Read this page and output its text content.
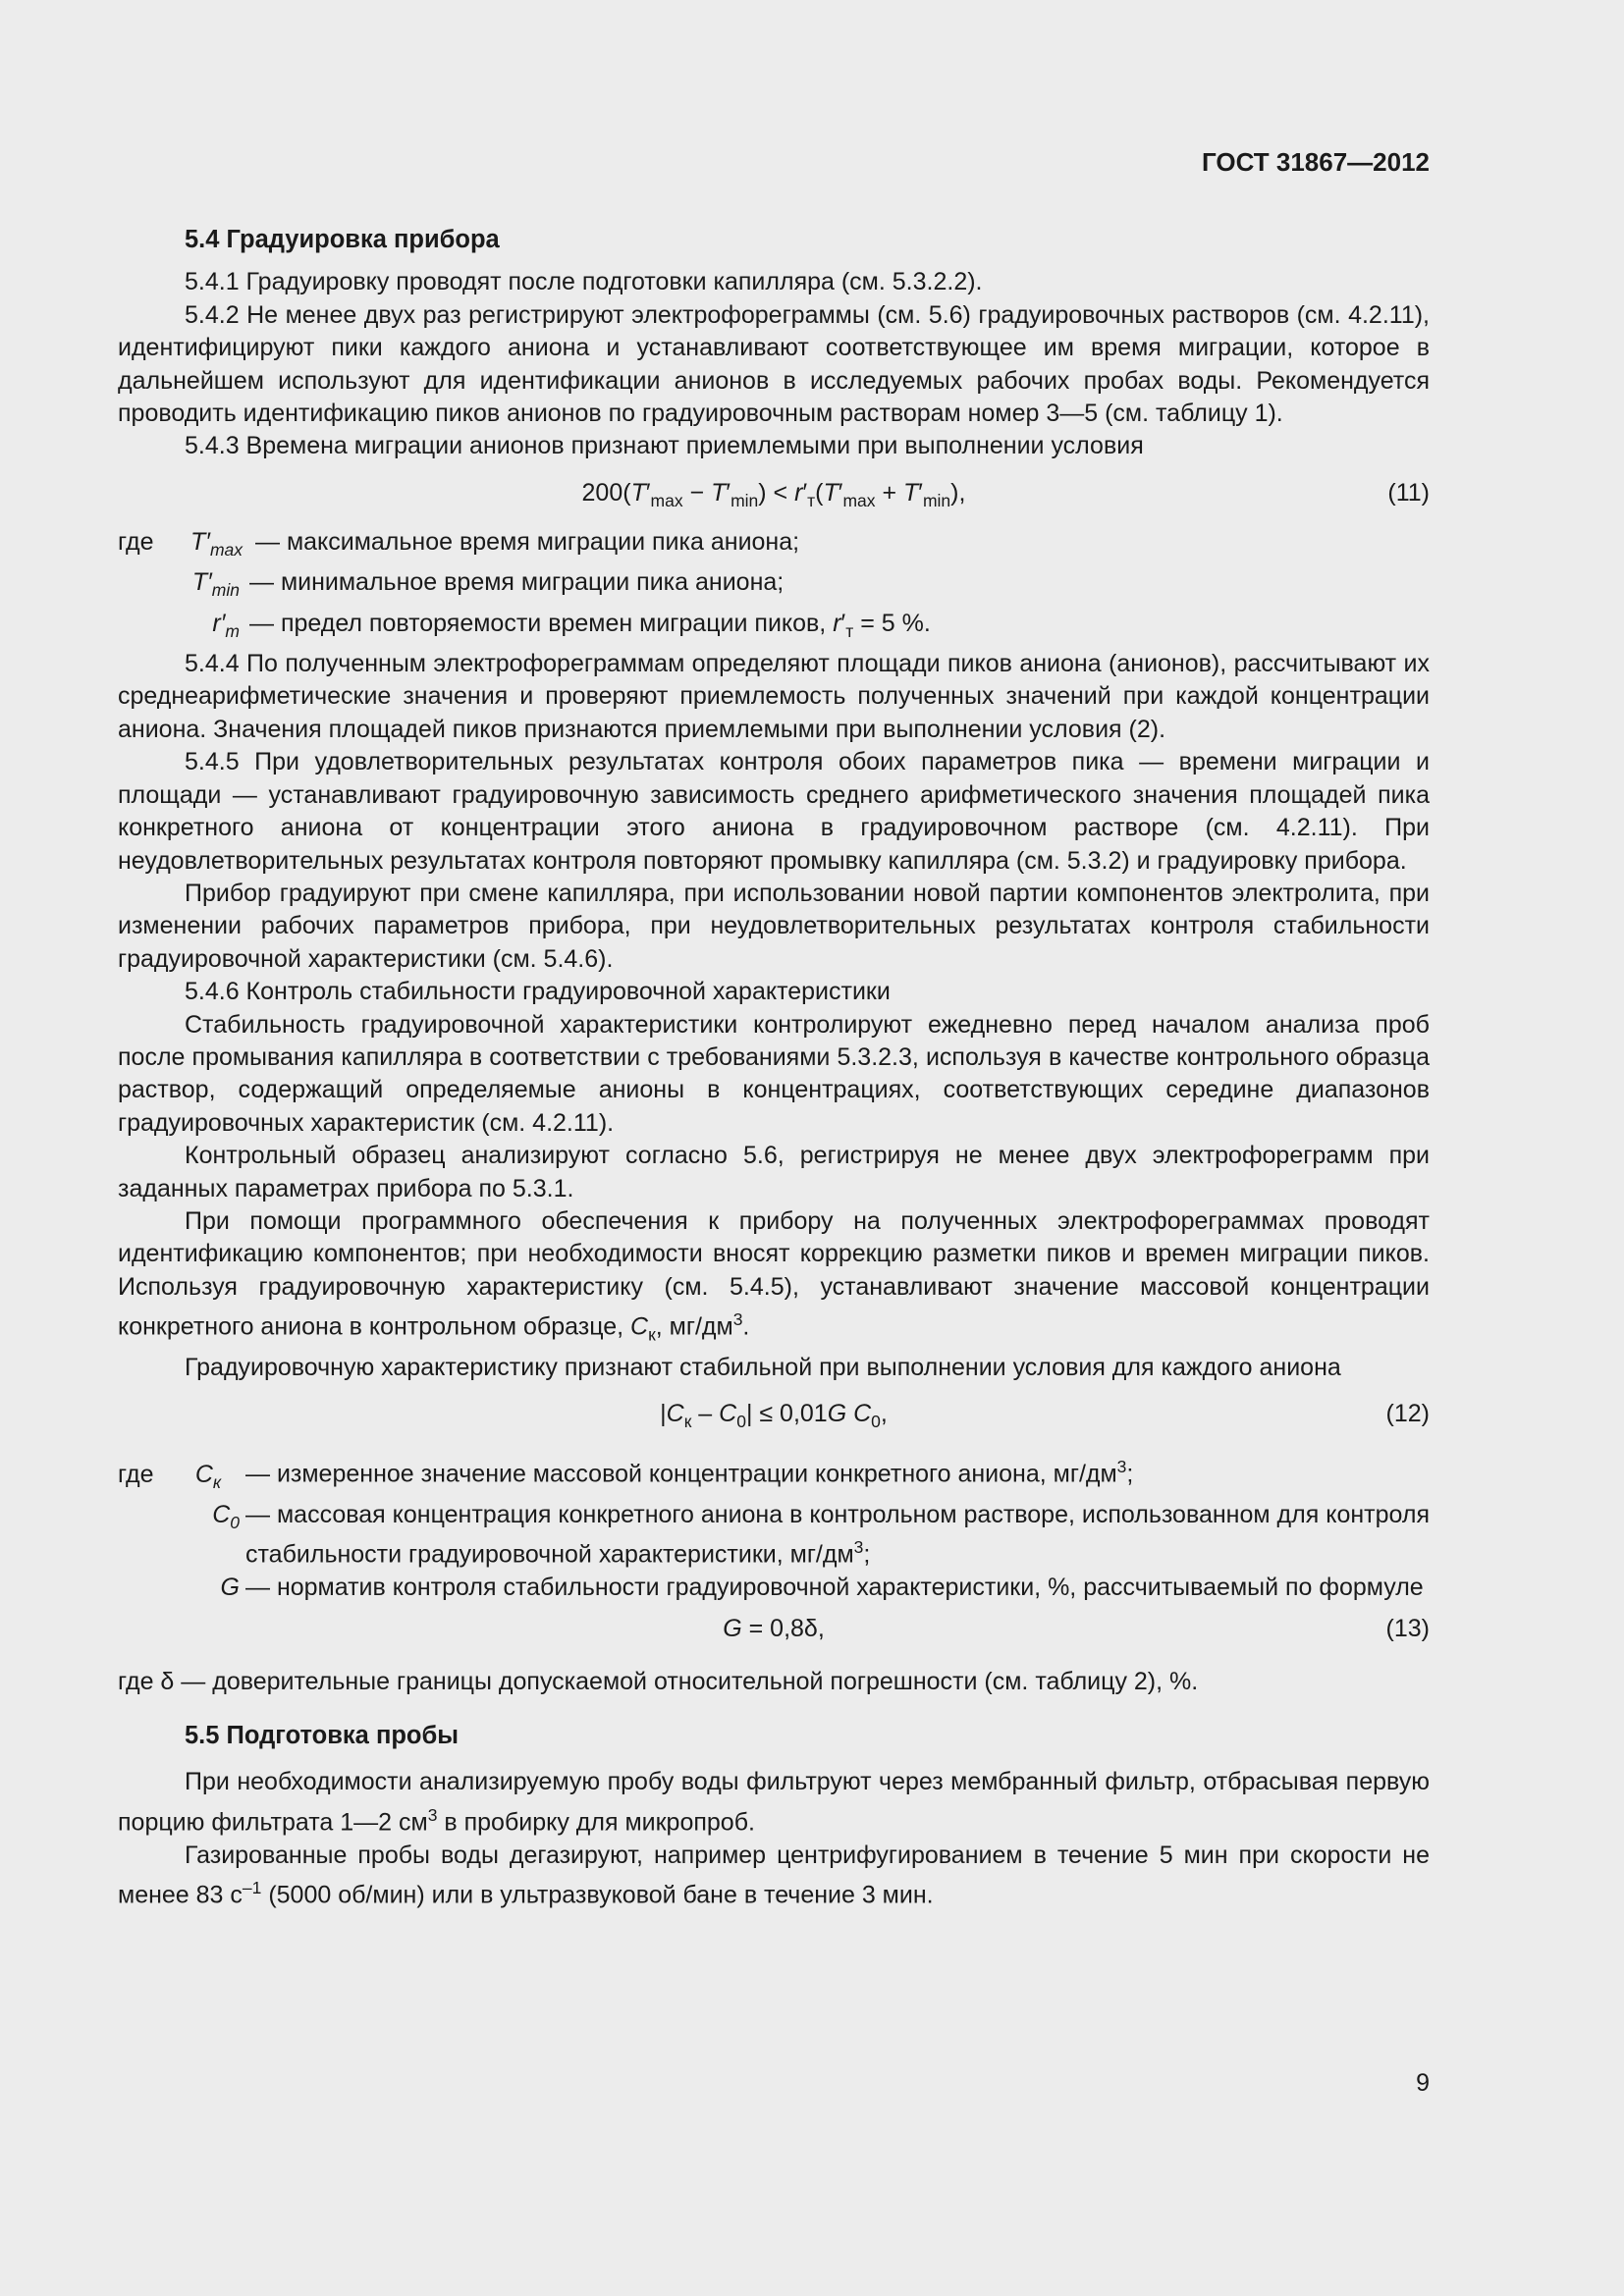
ГОСТ 31867—2012
5.4 Градуировка прибора

5.4.1 Градуировку проводят после подготовки капилляра (см. 5.3.2.2).

5.4.2 Не менее двух раз регистрируют электрофореграммы (см. 5.6) градуировочных растворов (см. 4.2.11), идентифицируют пики каждого аниона и устанавливают соответствующее им время миграции, которое в дальнейшем используют для идентификации анионов в исследуемых рабочих пробах воды. Рекомендуется проводить идентификацию пиков анионов по градуировочным растворам номер 3—5 (см. таблицу 1).

5.4.3 Времена миграции анионов признают приемлемыми при выполнении условия

$200(T'_{max} - T'_{min}) < r'_т(T'_{max} + T'_{min})$,	(11)
где	$T'_{max}$ — максимальное время миграции пика аниона;
$T'_{min}$ — минимальное время миграции пика аниона;
$r'_т$ — предел повторяемости времен миграции пиков, $r'_т = 5$ %.

5.4.4 По полученным электрофореграммам определяют площади пиков аниона (анионов), рассчитывают их среднеарифметические значения и проверяют приемлемость полученных значений при каждой концентрации аниона. Значения площадей пиков признаются приемлемыми при выполнении условия (2).

5.4.5 При удовлетворительных результатах контроля обоих параметров пика — времени миграции и площади — устанавливают градуировочную зависимость среднего арифметического значения площадей пика конкретного аниона от концентрации этого аниона в градуировочном растворе (см. 4.2.11). При неудовлетворительных результатах контроля повторяют промывку капилляра (см. 5.3.2) и градуировку прибора.

Прибор градуируют при смене капилляра, при использовании новой партии компонентов электролита, при изменении рабочих параметров прибора, при неудовлетворительных результатах контроля стабильности градуировочной характеристики (см. 5.4.6).

5.4.6 Контроль стабильности градуировочной характеристики

Стабильность градуировочной характеристики контролируют ежедневно перед началом анализа проб после промывания капилляра в соответствии с требованиями 5.3.2.3, используя в качестве контрольного образца раствор, содержащий определяемые анионы в концентрациях, соответствующих середине диапазонов градуировочных характеристик (см. 4.2.11).

Контрольный образец анализируют согласно 5.6, регистрируя не менее двух электрофореграмм при заданных параметрах прибора по 5.3.1.

При помощи программного обеспечения к прибору на полученных электрофореграммах проводят идентификацию компонентов; при необходимости вносят коррекцию разметки пиков и времен миграции пиков. Используя градуировочную характеристику (см. 5.4.5), устанавливают значение массовой концентрации конкретного аниона в контрольном образце, $C_к$, $мг/дм^3$.

Градуировочную характеристику признают стабильной при выполнении условия для каждого аниона

$|C_к - C_0| \le 0,01G$ $C_0$,	(12)
где	$C_к$ — измеренное значение массовой концентрации конкретного аниона, $мг/дм^3$;
$C_0$ — массовая концентрация конкретного аниона в контрольном растворе, использованном для контроля стабильности градуировочной характеристики, $мг/дм^3$;
G — норматив контроля стабильности градуировочной характеристики, %, рассчитываемый по формуле
G = 0,8δ,	(13)

где δ — доверительные границы допускаемой относительной погрешности (см. таблицу 2), %.

5.5 Подготовка пробы

При необходимости анализируемую пробу воды фильтруют через мембранный фильтр, отбрасывая первую порцию фильтрата 1—2 $см^3$ в пробирку для микропроб.

Газированные пробы воды дегазируют, например центрифугированием в течение 5 мин при скорости не менее 83 $с^{-1}$ (5000 об/мин) или в ультразвуковой бане в течение 3 мин.

9
